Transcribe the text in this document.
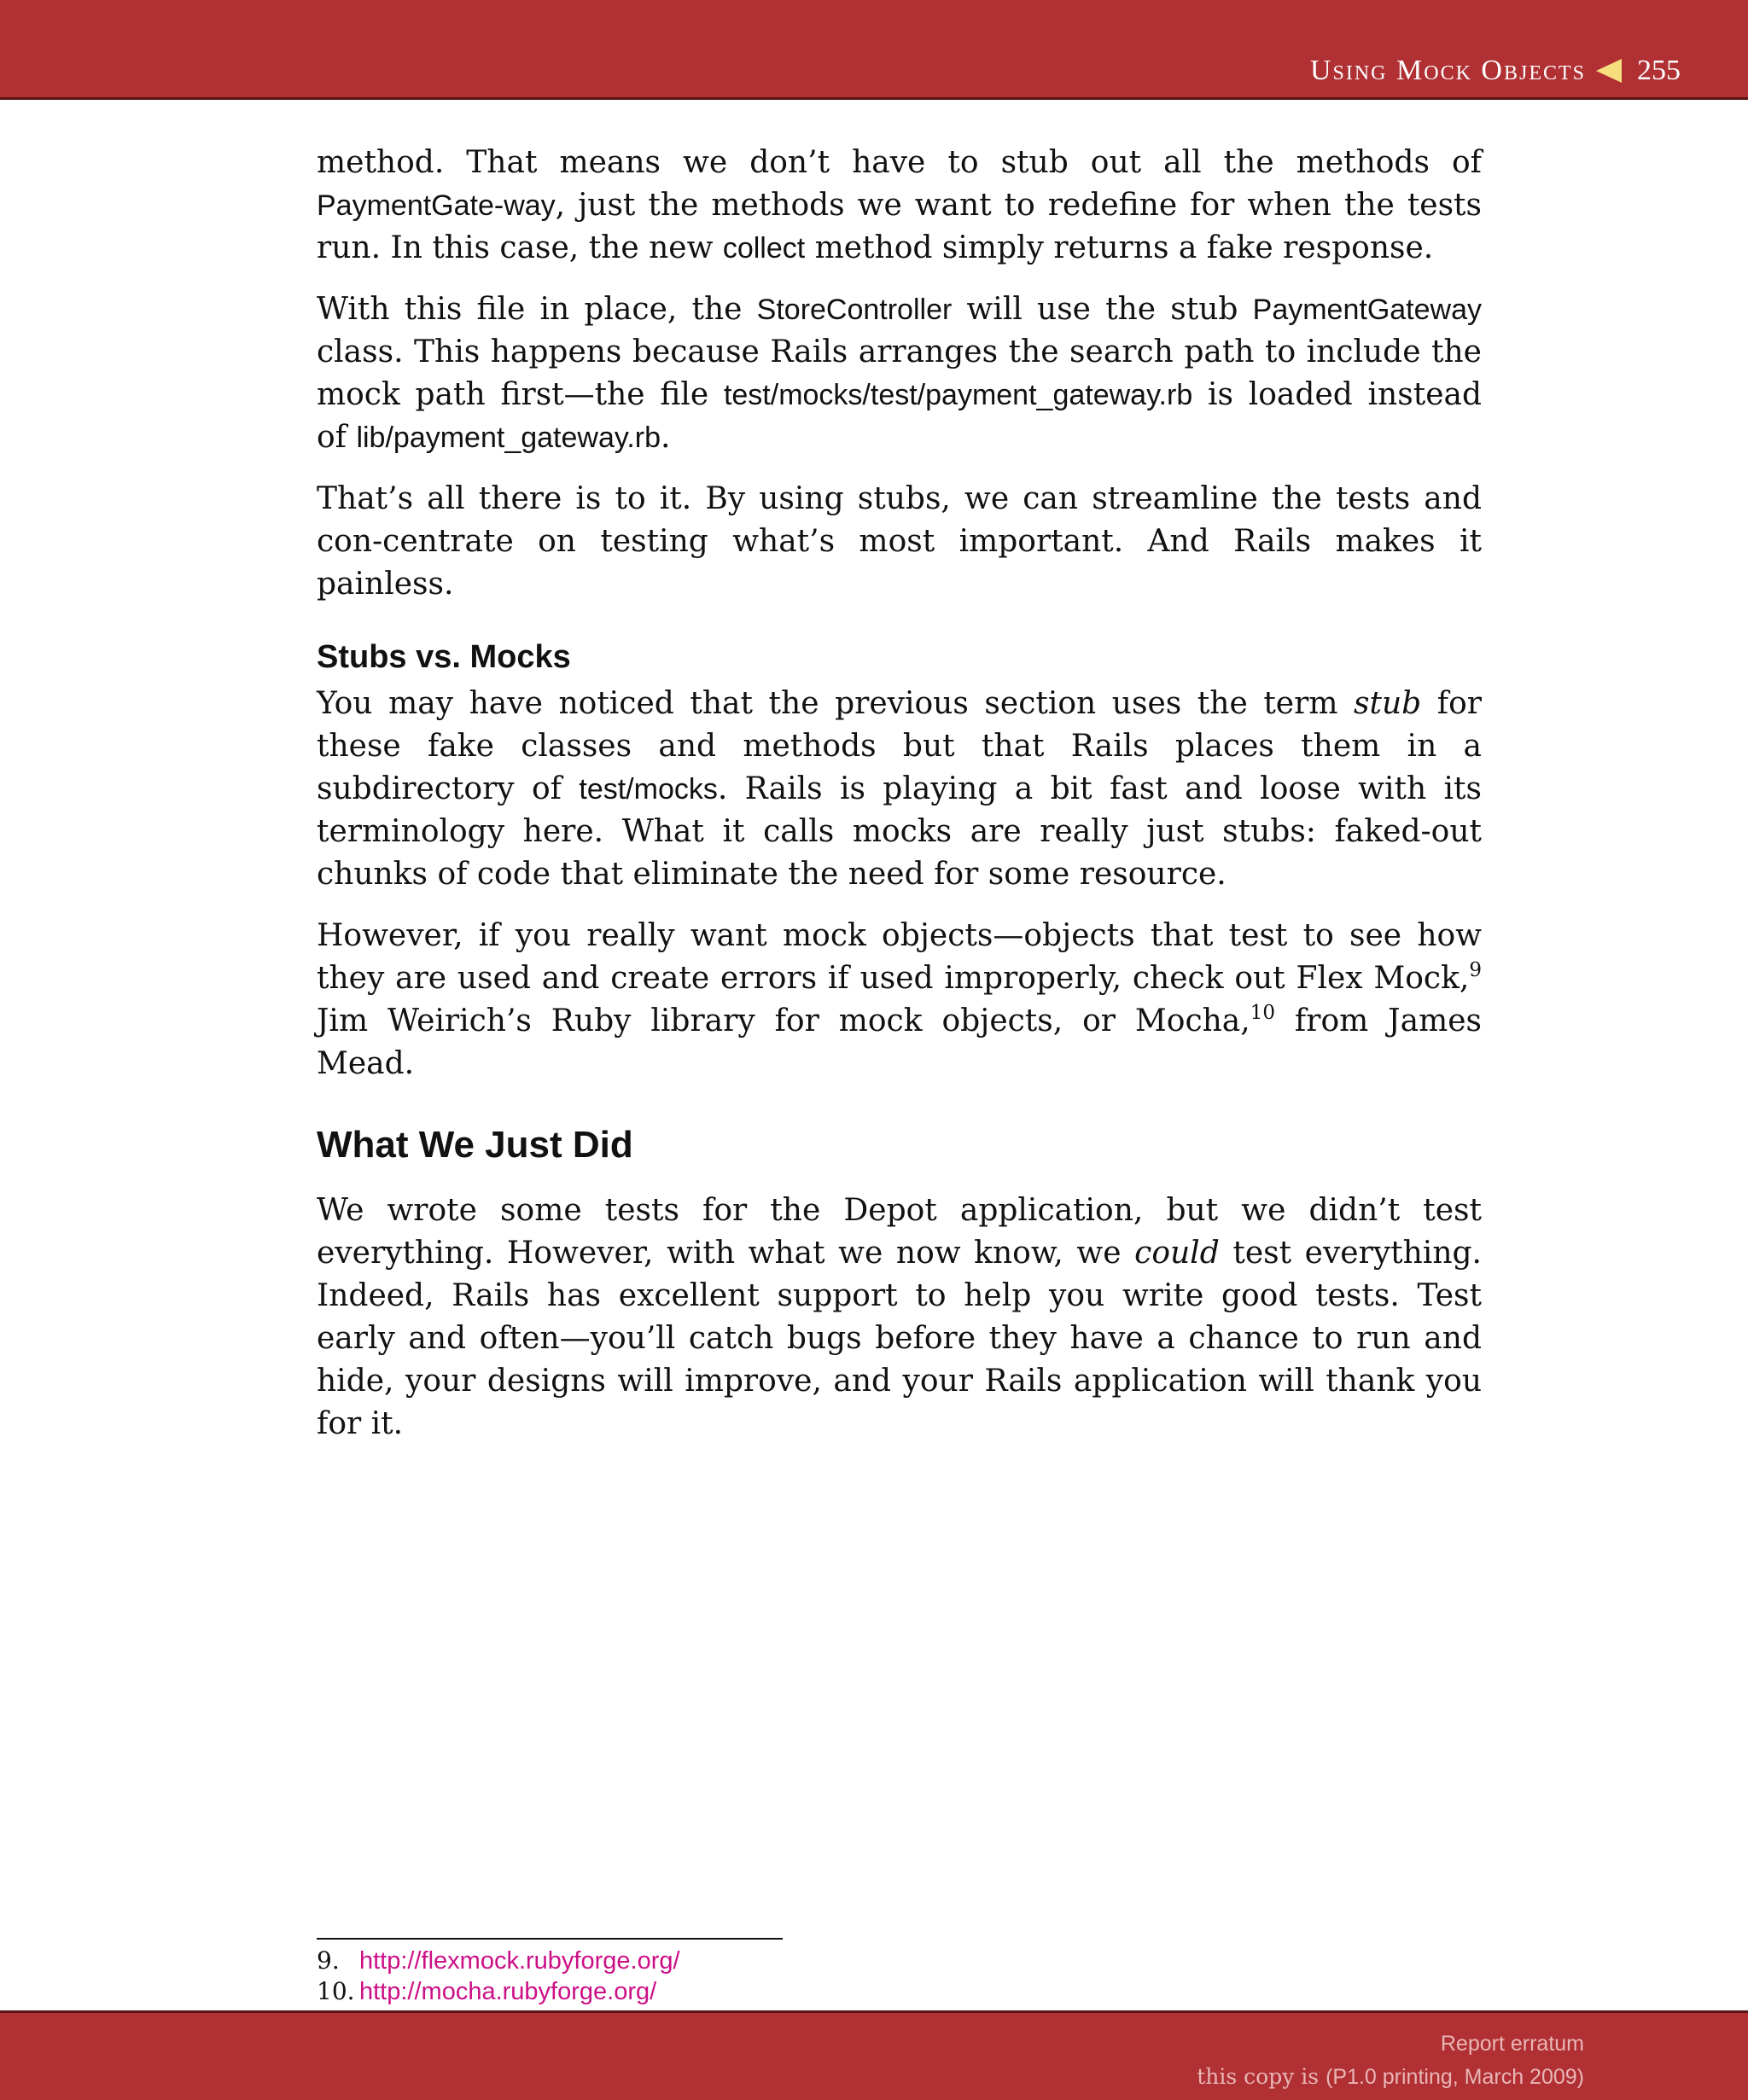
Using Mock Objects 255

method. That means we don’t have to stub out all the methods of PaymentGate-way, just the methods we want to redefine for when the tests run. In this case, the new collect method simply returns a fake response.

With this file in place, the StoreController will use the stub PaymentGateway class. This happens because Rails arranges the search path to include the mock path first—the file test/mocks/test/payment_gateway.rb is loaded instead of lib/payment_gateway.rb.

That’s all there is to it. By using stubs, we can streamline the tests and con-centrate on testing what’s most important. And Rails makes it painless.

Stubs vs. Mocks

You may have noticed that the previous section uses the term stub for these fake classes and methods but that Rails places them in a subdirectory of test/mocks. Rails is playing a bit fast and loose with its terminology here. What it calls mocks are really just stubs: faked-out chunks of code that eliminate the need for some resource.

However, if you really want mock objects—objects that test to see how they are used and create errors if used improperly, check out Flex Mock,$^9$ Jim Weirich’s Ruby library for mock objects, or Mocha,$^{10}$ from James Mead.

What We Just Did

We wrote some tests for the Depot application, but we didn’t test everything. However, with what we now know, we could test everything. Indeed, Rails has excellent support to help you write good tests. Test early and often—you’ll catch bugs before they have a chance to run and hide, your designs will improve, and your Rails application will thank you for it.

9. http://flexmock.rubyforge.org/
10. http://mocha.rubyforge.org/
Report erratum
this copy is (P1.0 printing, March 2009)
